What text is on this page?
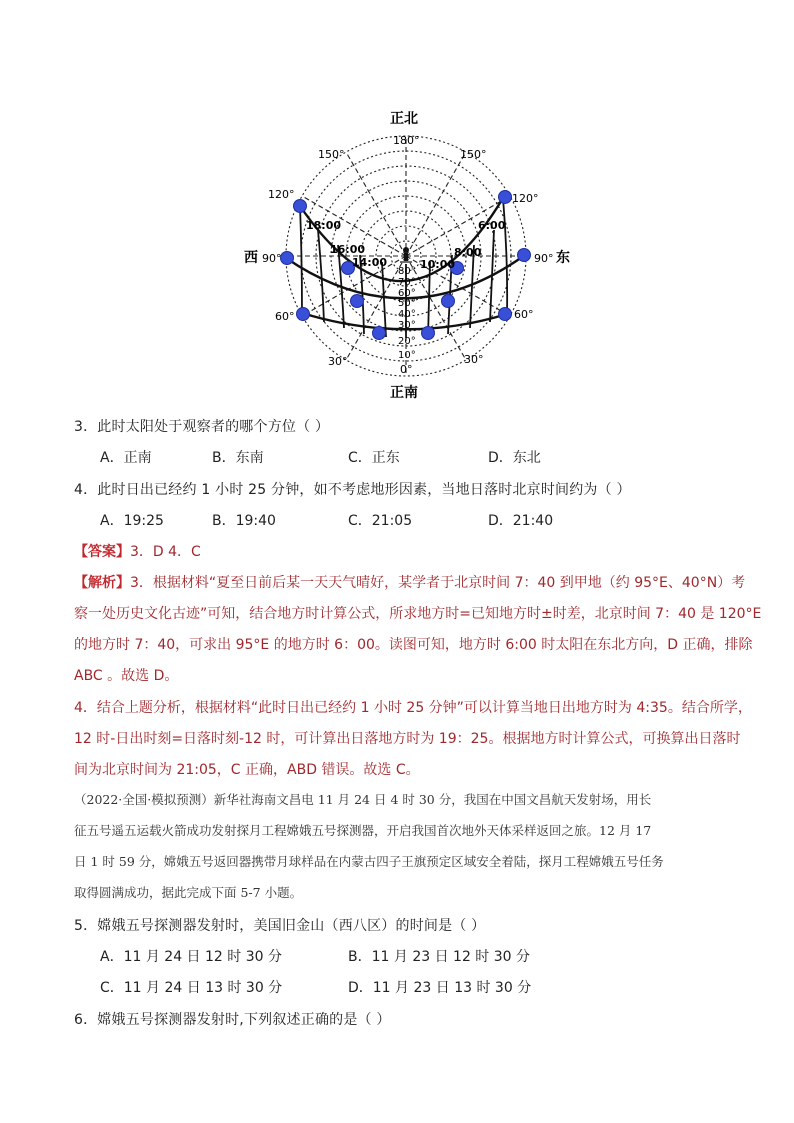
正北
正南
西	东
180°
150°	150°
120°	120°
90°	90°
60°	60°
30°	30°
0°
80°
70°
60°
50°
40°
30°
20°
10°
18:00
16:00
14:00	10:00
8:00
6:00
3．此时太阳处于观察者的哪个方位（ ）
A．正南	B．东南	C．正东	D．东北
4．此时日出已经约 1 小时 25 分钟，如不考虑地形因素，当地日落时北京时间约为（ ）
A．19:25	B．19:40	C．21:05	D．21:40
【答案】3．D 4．C
【解析】3．根据材料“夏至日前后某一天天气晴好，某学者于北京时间 7：40 到甲地（约 95°E、40°N）考
察一处历史文化古迹”可知，结合地方时计算公式，所求地方时=已知地方时±时差，北京时间 7：40 是 120°E
的地方时 7：40，可求出 95°E 的地方时 6：00。读图可知，地方时 6:00 时太阳在东北方向，D 正确，排除
ABC 。故选 D。
4．结合上题分析，根据材料“此时日出已经约 1 小时 25 分钟”可以计算当地日出地方时为 4:35。结合所学，
12 时-日出时刻=日落时刻-12 时，可计算出日落地方时为 19：25。根据地方时计算公式，可换算出日落时
间为北京时间为 21:05，C 正确，ABD 错误。故选 C。
（2022·全国·模拟预测）新华社海南文昌电 11 月 24 日 4 时 30 分，我国在中国文昌航天发射场，用长
征五号遥五运载火箭成功发射探月工程嫦娥五号探测器，开启我国首次地外天体采样返回之旅。12 月 17
日 1 时 59 分，嫦娥五号返回器携带月球样品在内蒙古四子王旗预定区域安全着陆，探月工程嫦娥五号任务
取得圆满成功，据此完成下面 5-7 小题。
5．嫦娥五号探测器发射时，美国旧金山（西八区）的时间是（ ）
A．11 月 24 日 12 时 30 分	B．11 月 23 日 12 时 30 分
C．11 月 24 日 13 时 30 分	D．11 月 23 日 13 时 30 分
6．嫦娥五号探测器发射时,下列叙述正确的是（ ）
